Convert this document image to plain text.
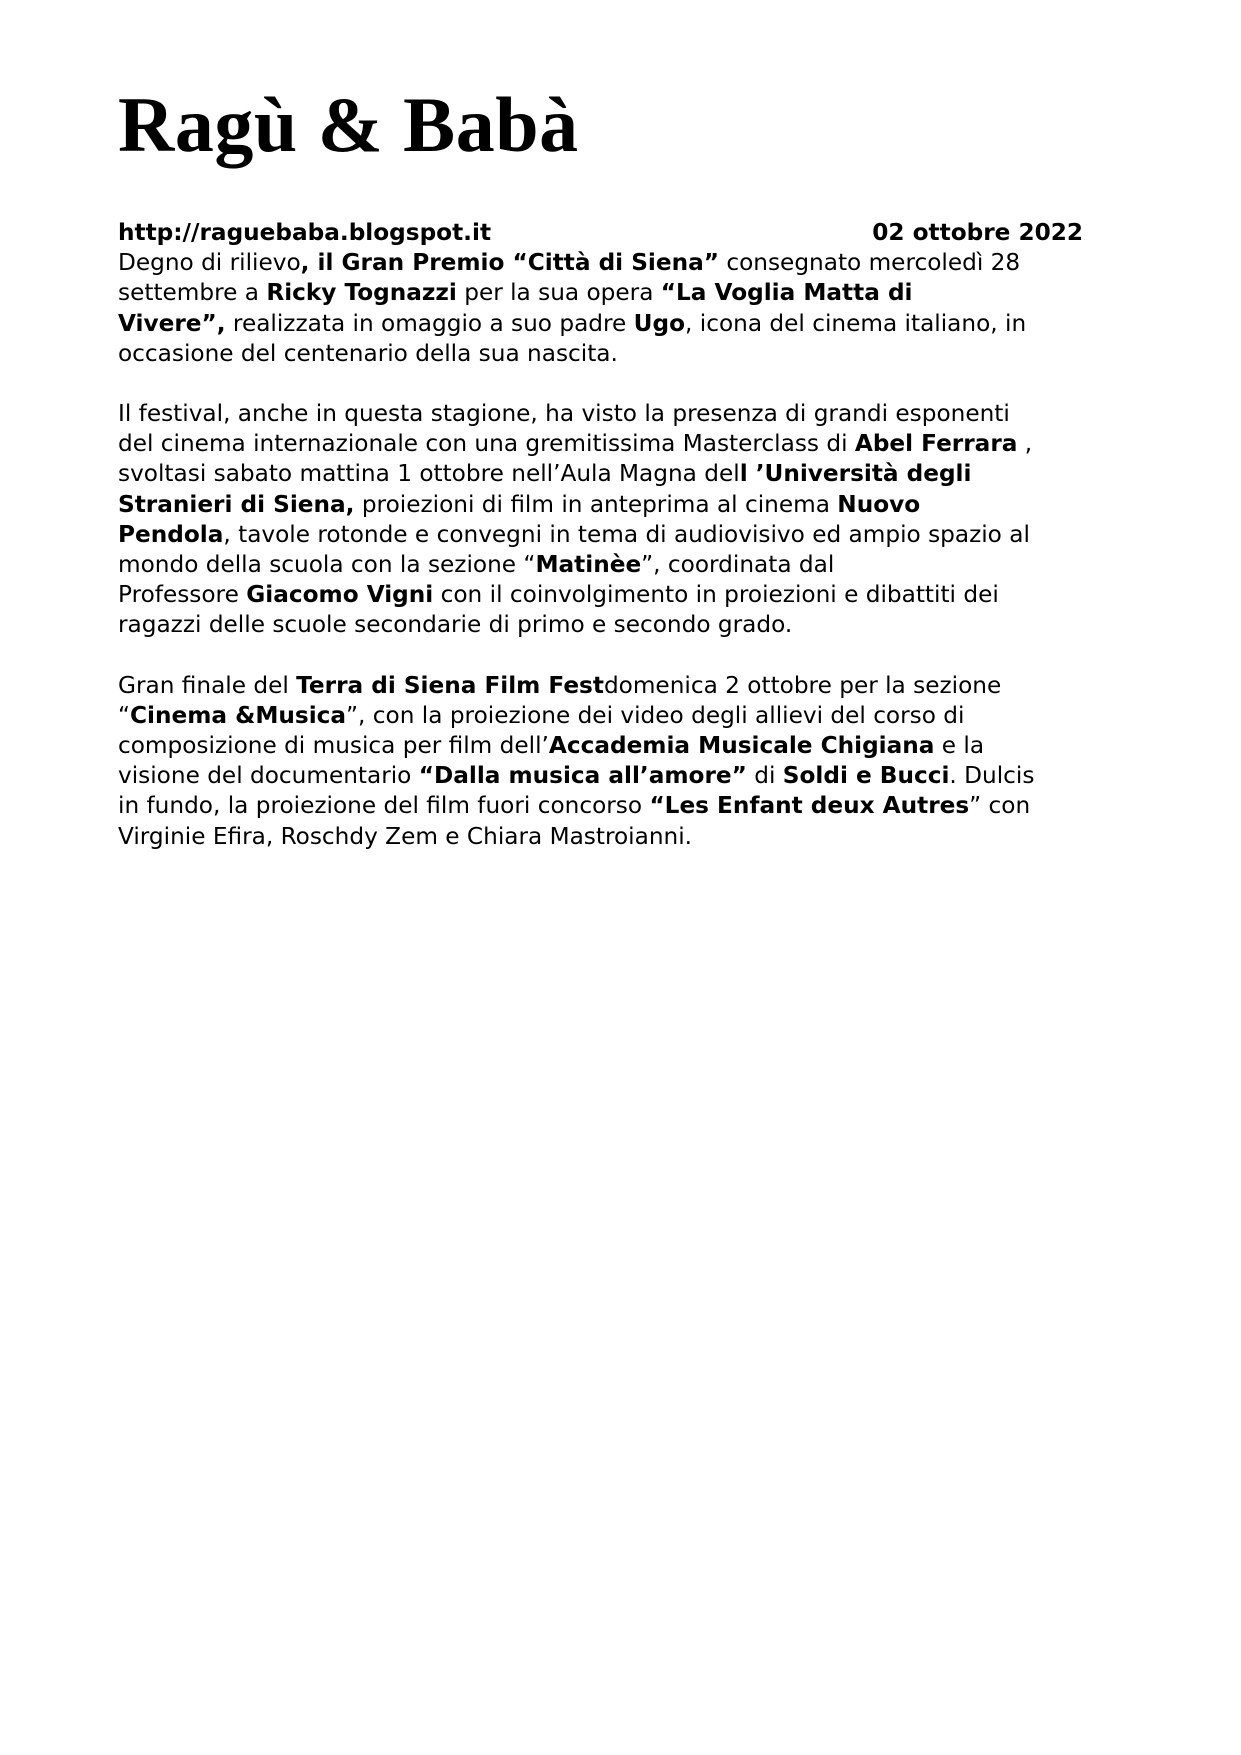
Ragù & Babà
http://raguebaba.blogspot.it	02 ottobre 2022

Degno di rilievo, il Gran Premio “Città di Siena” consegnato mercoledì 28
settembre a Ricky Tognazzi per la sua opera “La Voglia Matta di
Vivere”, realizzata in omaggio a suo padre Ugo, icona del cinema italiano, in
occasione del centenario della sua nascita.

Il festival, anche in questa stagione, ha visto la presenza di grandi esponenti
del cinema internazionale con una gremitissima Masterclass di Abel Ferrara ,
svoltasi sabato mattina 1 ottobre nell’Aula Magna dell ’Università degli
Stranieri di Siena, proiezioni di film in anteprima al cinema Nuovo
Pendola, tavole rotonde e convegni in tema di audiovisivo ed ampio spazio al
mondo della scuola con la sezione “Matinèe”, coordinata dal
Professore Giacomo Vigni con il coinvolgimento in proiezioni e dibattiti dei
ragazzi delle scuole secondarie di primo e secondo grado.

Gran finale del Terra di Siena Film Festdomenica 2 ottobre per la sezione
“Cinema &Musica”, con la proiezione dei video degli allievi del corso di
composizione di musica per film dell’Accademia Musicale Chigiana e la
visione del documentario “Dalla musica all’amore” di Soldi e Bucci. Dulcis
in fundo, la proiezione del film fuori concorso “Les Enfant deux Autres” con
Virginie Efira, Roschdy Zem e Chiara Mastroianni.
